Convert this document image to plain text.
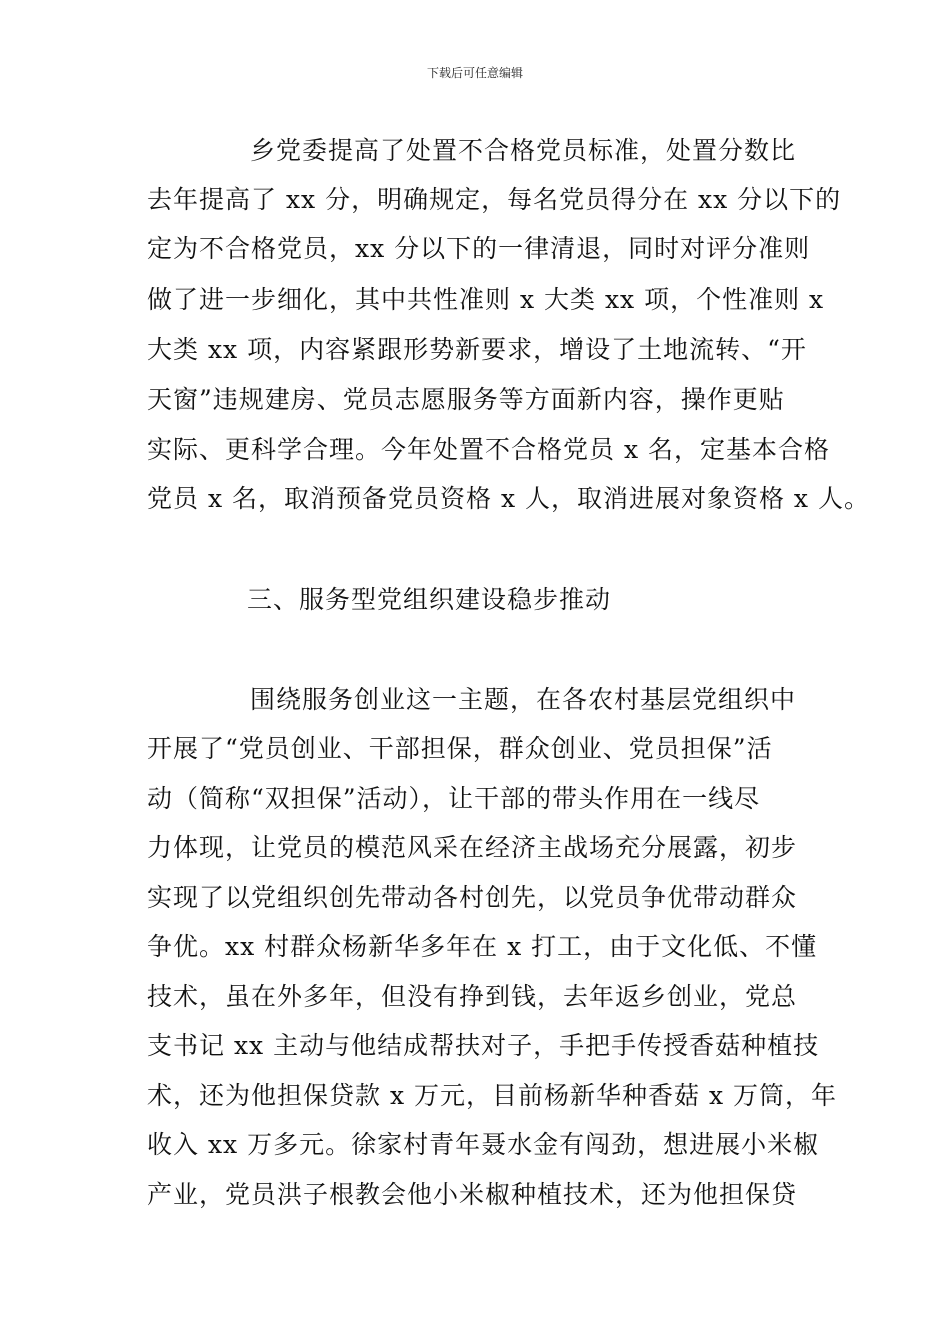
下载后可任意编辑
乡党委提高了处置不合格党员标准，处置分数比
去年提高了 xx 分，明确规定，每名党员得分在 xx 分以下的
定为不合格党员，xx 分以下的一律清退，同时对评分准则
做了进一步细化，其中共性准则 x 大类 xx 项，个性准则 x
大类 xx 项，内容紧跟形势新要求，增设了土地流转、“开
天窗”违规建房、党员志愿服务等方面新内容，操作更贴
实际、更科学合理。今年处置不合格党员 x 名，定基本合格
党员 x 名，取消预备党员资格 x 人，取消进展对象资格 x 人。
三、服务型党组织建设稳步推动
围绕服务创业这一主题，在各农村基层党组织中
开展了“党员创业、干部担保，群众创业、党员担保”活
动（简称“双担保”活动），让干部的带头作用在一线尽
力体现，让党员的模范风采在经济主战场充分展露，初步
实现了以党组织创先带动各村创先，以党员争优带动群众
争优。xx 村群众杨新华多年在 x 打工，由于文化低、不懂
技术，虽在外多年，但没有挣到钱，去年返乡创业，党总
支书记 xx 主动与他结成帮扶对子，手把手传授香菇种植技
术，还为他担保贷款 x 万元，目前杨新华种香菇 x 万筒，年
收入 xx 万多元。徐家村青年聂水金有闯劲，想进展小米椒
产业，党员洪子根教会他小米椒种植技术，还为他担保贷
